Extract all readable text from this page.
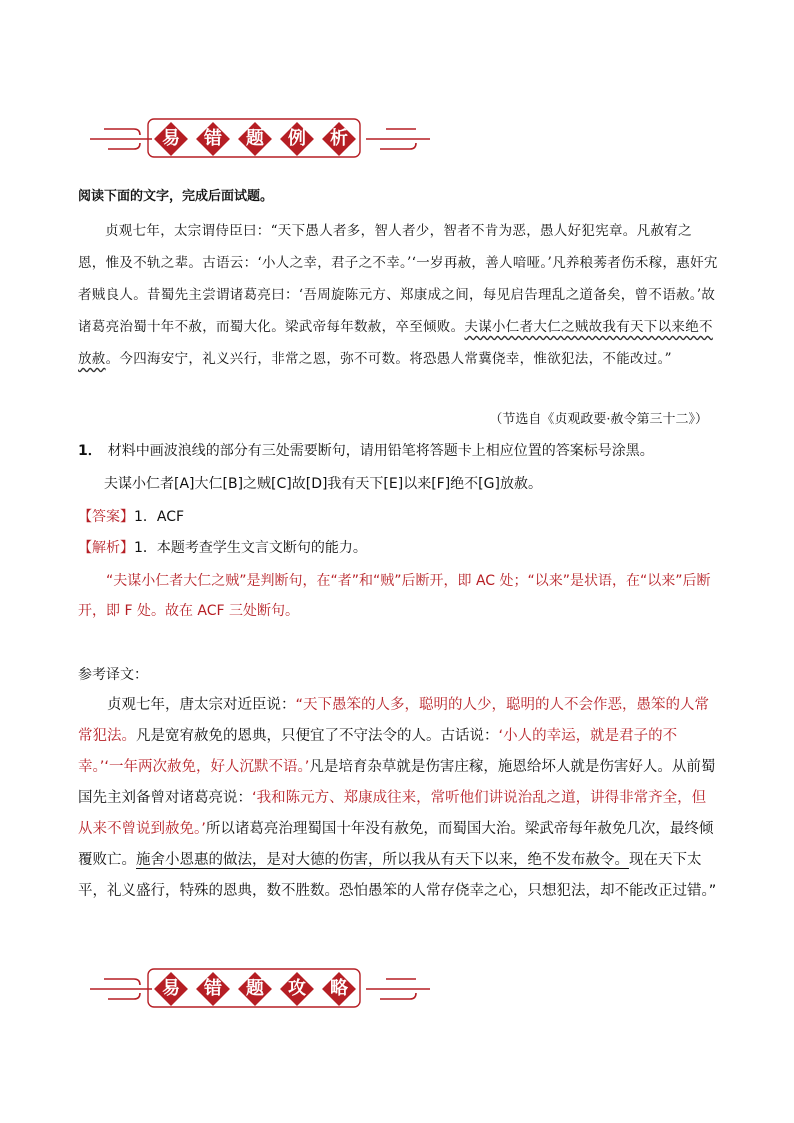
易	错	题	例	析
阅读下面的文字，完成后面试题。
贞观七年，太宗谓侍臣曰：“天下愚人者多，智人者少，智者不肯为恶，愚人好犯宪章。凡赦宥之恩，惟及不轨之辈。古语云：‘小人之幸，君子之不幸。’‘一岁再赦，善人喑哑。’凡养稂莠者伤禾稼，惠奸宄者贼良人。昔蜀先主尝谓诸葛亮曰：‘吾周旋陈元方、郑康成之间，每见启告理乱之道备矣，曾不语赦。’故诸葛亮治蜀十年不赦，而蜀大化。梁武帝每年数赦，卒至倾败。夫谋小仁者大仁之贼故我有天下以来绝不放赦。今四海安宁，礼义兴行，非常之恩，弥不可数。将恐愚人常冀侥幸，惟欲犯法，不能改过。”
（节选自《贞观政要·赦令第三十二》）
1． 材料中画波浪线的部分有三处需要断句，请用铅笔将答题卡上相应位置的答案标号涂黑。
夫谋小仁者[A]大仁[B]之贼[C]故[D]我有天下[E]以来[F]绝不[G]放赦。
【答案】1．ACF
【解析】1．本题考查学生文言文断句的能力。
“夫谋小仁者大仁之贼”是判断句，在“者”和“贼”后断开，即 AC 处；“以来”是状语，在“以来”后断开，即 F 处。故在 ACF 三处断句。
参考译文：
贞观七年，唐太宗对近臣说：“天下愚笨的人多，聪明的人少，聪明的人不会作恶，愚笨的人常常犯法。凡是宽宥赦免的恩典，只便宜了不守法令的人。古话说：‘小人的幸运，就是君子的不幸。’‘一年两次赦免，好人沉默不语。’凡是培育杂草就是伤害庄稼，施恩给坏人就是伤害好人。从前蜀国先主刘备曾对诸葛亮说：‘我和陈元方、郑康成往来，常听他们讲说治乱之道，讲得非常齐全，但从来不曾说到赦免。’所以诸葛亮治理蜀国十年没有赦免，而蜀国大治。梁武帝每年赦免几次，最终倾覆败亡。施舍小恩惠的做法，是对大德的伤害，所以我从有天下以来，绝不发布赦令。现在天下太平，礼义盛行，特殊的恩典，数不胜数。恐怕愚笨的人常存侥幸之心，只想犯法，却不能改正过错。”
易	错	题	攻	略
